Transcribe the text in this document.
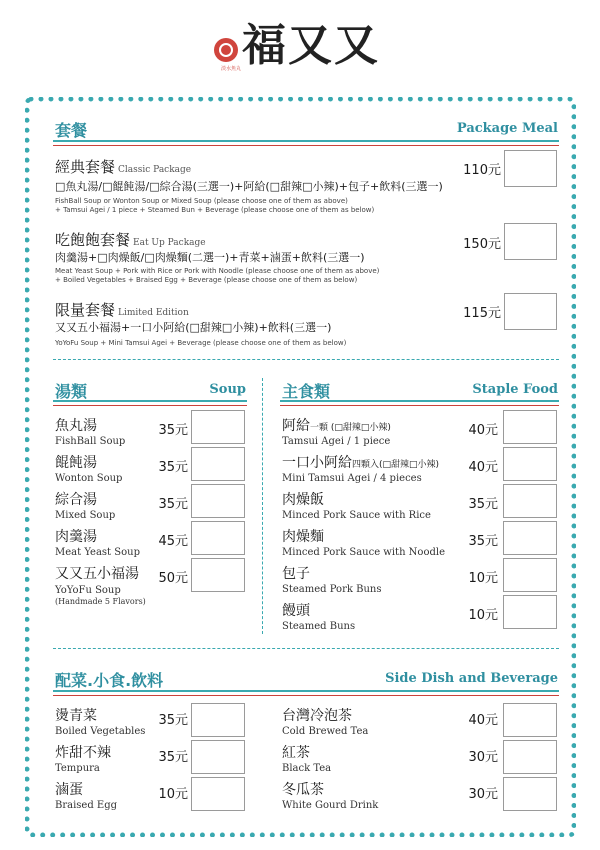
淡水魚丸 福又又
套餐	Package Meal
經典套餐 Classic Package
□魚丸湯/□餛飩湯/□綜合湯(三選一)+阿給(□甜辣□小辣)+包子+飲料(三選一)
FishBall Soup or Wonton Soup or Mixed Soup (please choose one of them as above)
+ Tamsui Agei / 1 piece + Steamed Bun + Beverage (please choose one of them as below)
110元
吃飽飽套餐 Eat Up Package
肉羹湯+□肉燥飯/□肉燥麵(二選一)+青菜+滷蛋+飲料(三選一)
Meat Yeast Soup + Pork with Rice or Pork with Noodle (please choose one of them as above)
+ Boiled Vegetables + Braised Egg + Beverage (please choose one of them as below)
150元
限量套餐 Limited Edition
又又五小福湯+一口小阿給(□甜辣□小辣)+飲料(三選一)
YoYoFu Soup + Mini Tamsui Agei + Beverage (please choose one of them as below)
115元
湯類	Soup
魚丸湯
FishBall Soup
35元
餛飩湯
Wonton Soup
35元
綜合湯
Mixed Soup
35元
肉羹湯
Meat Yeast Soup
45元
又又五小福湯
YoYoFu Soup
(Handmade 5 Flavors)
50元
主食類	Staple Food
阿給一顆 (□甜辣□小辣)
Tamsui Agei / 1 piece
40元
一口小阿給四顆入(□甜辣□小辣)
Mini Tamsui Agei / 4 pieces
40元
肉燥飯
Minced Pork Sauce with Rice
35元
肉燥麵
Minced Pork Sauce with Noodle
35元
包子
Steamed Pork Buns
10元
饅頭
Steamed Buns
10元
配菜.小食.飲料	Side Dish and Beverage
燙青菜
Boiled Vegetables
35元
炸甜不辣
Tempura
35元
滷蛋
Braised Egg
10元
台灣冷泡茶
Cold Brewed Tea
40元
紅茶
Black Tea
30元
冬瓜茶
White Gourd Drink
30元
